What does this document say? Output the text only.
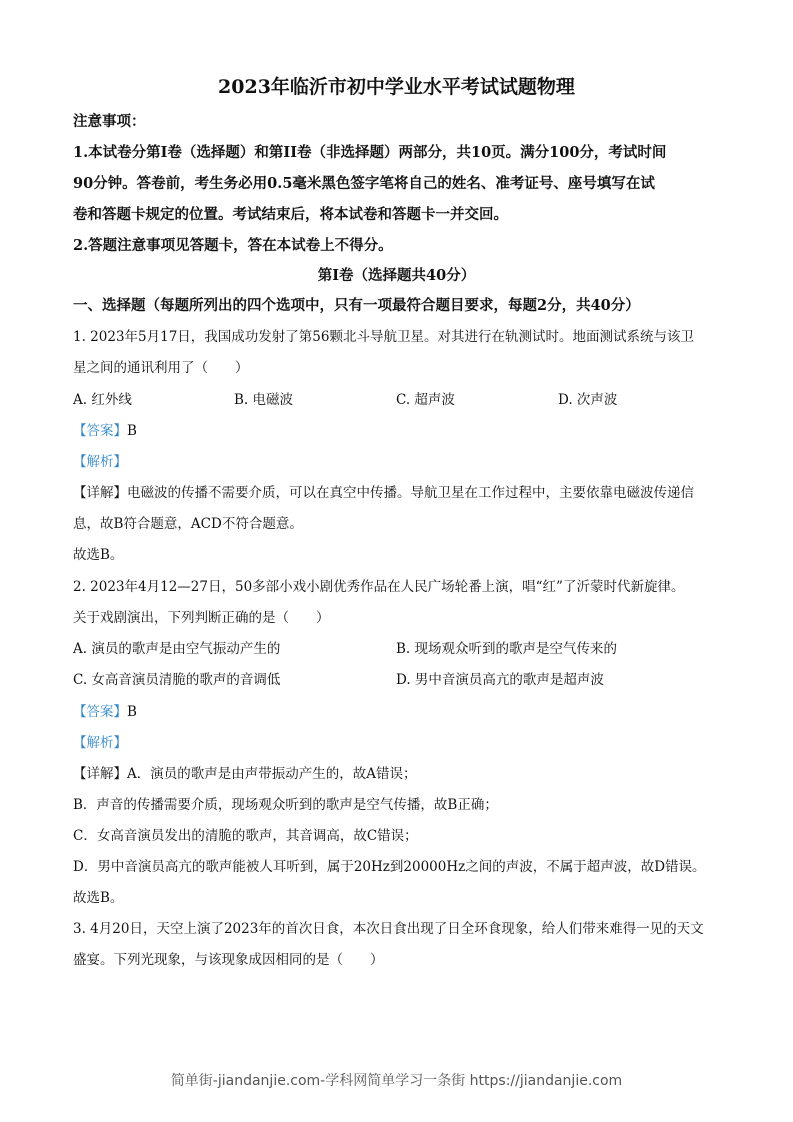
2023年临沂市初中学业水平考试试题物理
注意事项：
1.本试卷分第I卷（选择题）和第II卷（非选择题）两部分，共10页。满分100分，考试时间
90分钟。答卷前，考生务必用0.5毫米黑色签字笔将自己的姓名、准考证号、座号填写在试
卷和答题卡规定的位置。考试结束后，将本试卷和答题卡一并交回。
2.答题注意事项见答题卡，答在本试卷上不得分。
第I卷（选择题共40分）
一、选择题（每题所列出的四个选项中，只有一项最符合题目要求，每题2分，共40分）
1. 2023年5月17日，我国成功发射了第56颗北斗导航卫星。对其进行在轨测试时。地面测试系统与该卫
星之间的通讯利用了（　　）
A. 红外线	B. 电磁波	C. 超声波	D. 次声波
【答案】B
【解析】
【详解】电磁波的传播不需要介质，可以在真空中传播。导航卫星在工作过程中，主要依靠电磁波传递信
息，故B符合题意，ACD不符合题意。
故选B。
2. 2023年4月12—27日，50多部小戏小剧优秀作品在人民广场轮番上演，唱“红”了沂蒙时代新旋律。
关于戏剧演出，下列判断正确的是（　　）
A. 演员的歌声是由空气振动产生的	B. 现场观众听到的歌声是空气传来的
C. 女高音演员清脆的歌声的音调低	D. 男中音演员高亢的歌声是超声波
【答案】B
【解析】
【详解】A．演员的歌声是由声带振动产生的，故A错误；
B．声音的传播需要介质，现场观众听到的歌声是空气传播，故B正确；
C．女高音演员发出的清脆的歌声，其音调高，故C错误；
D．男中音演员高亢的歌声能被人耳听到，属于20Hz到20000Hz之间的声波，不属于超声波，故D错误。
故选B。
3. 4月20日，天空上演了2023年的首次日食，本次日食出现了日全环食现象，给人们带来难得一见的天文
盛宴。下列光现象，与该现象成因相同的是（　　）
简单街-jiandanjie.com-学科网简单学习一条街 https://jiandanjie.com
